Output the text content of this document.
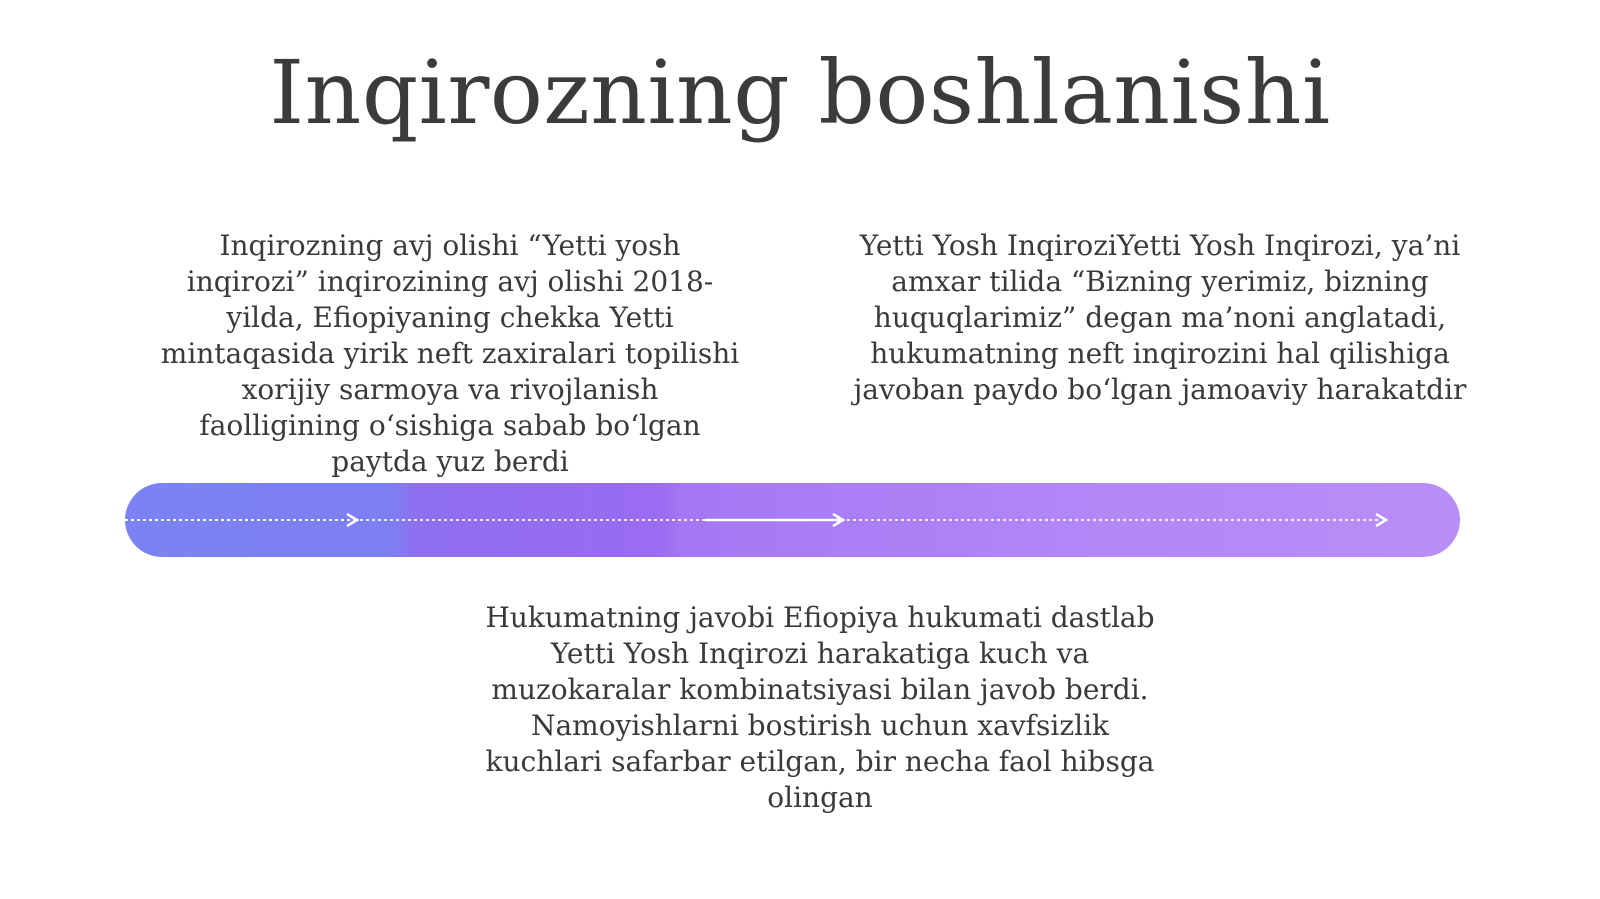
Inqirozning boshlanishi

Inqirozning avj olishi “Yetti yosh inqirozi” inqirozining avj olishi 2018-yilda, Efiopiyaning chekka Yetti mintaqasida yirik neft zaxiralari topilishi xorijiy sarmoya va rivojlanish faolligining oʻsishiga sabab boʻlgan paytda yuz berdi

Yetti Yosh InqiroziYetti Yosh Inqirozi, ya’ni amxar tilida “Bizning yerimiz, bizning huquqlarimiz” degan ma’noni anglatadi, hukumatning neft inqirozini hal qilishiga javoban paydo boʻlgan jamoaviy harakatdir

Hukumatning javobi Efiopiya hukumati dastlab Yetti Yosh Inqirozi harakatiga kuch va muzokaralar kombinatsiyasi bilan javob berdi. Namoyishlarni bostirish uchun xavfsizlik kuchlari safarbar etilgan, bir necha faol hibsga olingan
